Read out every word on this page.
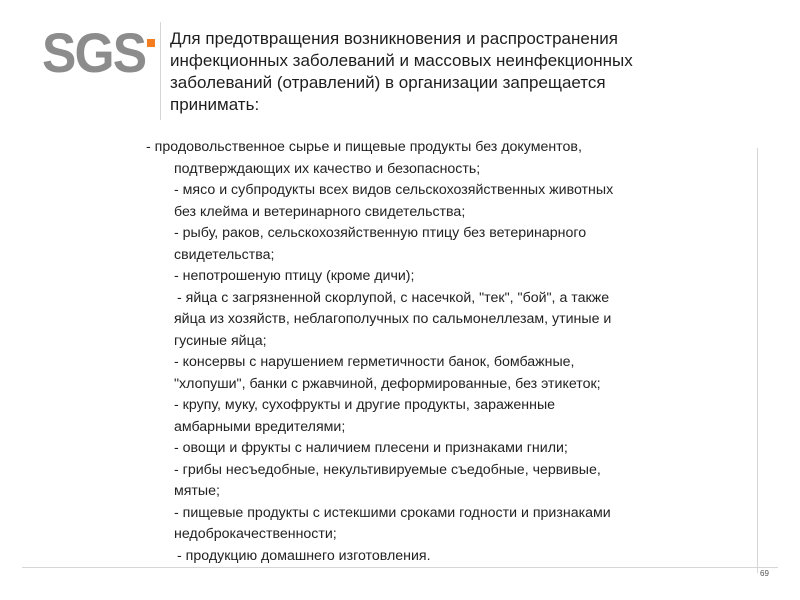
SGS Для предотвращения возникновения и распространения
инфекционных заболеваний и массовых неинфекционных
заболеваний (отравлений) в организации запрещается
принимать:
- продовольственное сырье и пищевые продукты без документов,
подтверждающих их качество и безопасность;
- мясо и субпродукты всех видов сельскохозяйственных животных
без клейма и ветеринарного свидетельства;
- рыбу, раков, сельскохозяйственную птицу без ветеринарного
свидетельства;
- непотрошеную птицу (кроме дичи);
- яйца с загрязненной скорлупой, с насечкой, "тек", "бой", а также
яйца из хозяйств, неблагополучных по сальмонеллезам, утиные и
гусиные яйца;
- консервы с нарушением герметичности банок, бомбажные,
"хлопуши", банки с ржавчиной, деформированные, без этикеток;
- крупу, муку, сухофрукты и другие продукты, зараженные
амбарными вредителями;
- овощи и фрукты с наличием плесени и признаками гнили;
- грибы несъедобные, некультивируемые съедобные, червивые,
мятые;
- пищевые продукты с истекшими сроками годности и признаками
недоброкачественности;
- продукцию домашнего изготовления.
69
